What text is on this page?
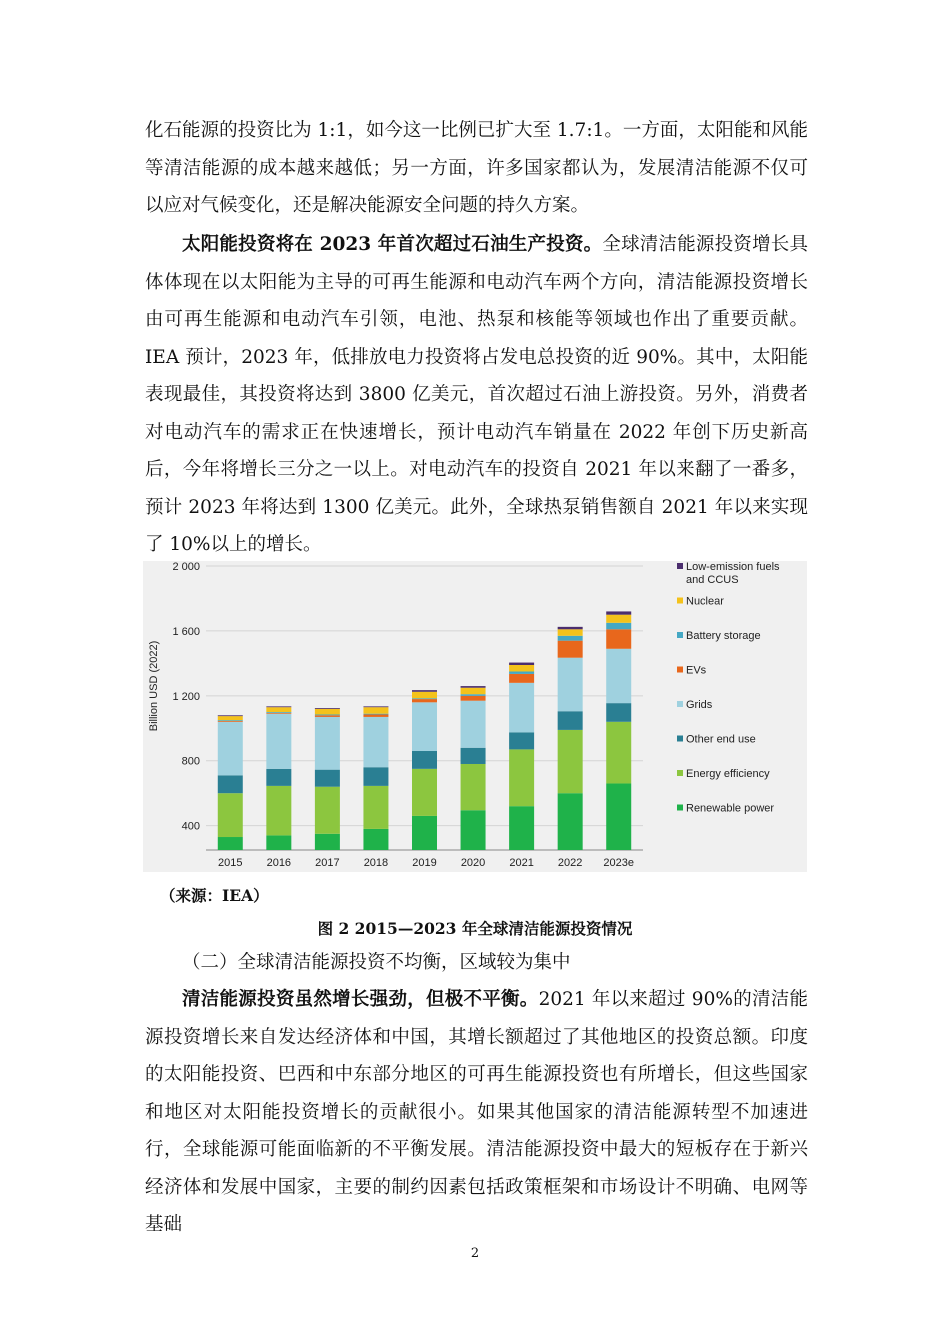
化石能源的投资比为 1:1，如今这一比例已扩大至 1.7:1。一方面，太阳能和风能等清洁能源的成本越来越低；另一方面，许多国家都认为，发展清洁能源不仅可以应对气候变化，还是解决能源安全问题的持久方案。

太阳能投资将在 2023 年首次超过石油生产投资。全球清洁能源投资增长具体体现在以太阳能为主导的可再生能源和电动汽车两个方向，清洁能源投资增长由可再生能源和电动汽车引领，电池、热泵和核能等领域也作出了重要贡献。IEA 预计，2023 年，低排放电力投资将占发电总投资的近 90%。其中，太阳能表现最佳，其投资将达到 3800 亿美元，首次超过石油上游投资。另外，消费者对电动汽车的需求正在快速增长，预计电动汽车销量在 2022 年创下历史新高后，今年将增长三分之一以上。对电动汽车的投资自 2021 年以来翻了一番多，预计 2023 年将达到 1300 亿美元。此外，全球热泵销售额自 2021 年以来实现了 10%以上的增长。

400
800
1 200
1 600
2 000
Billion USD (2022)
2015 2016 2017 2018 2019 2020 2021 2022 2023e
Low-emission fuels
and CCUS
Nuclear
Battery storage
EVs
Grids
Other end use
Energy efficiency
Renewable power

（来源：IEA）

图 2 2015—2023 年全球清洁能源投资情况

（二）全球清洁能源投资不均衡，区域较为集中

清洁能源投资虽然增长强劲，但极不平衡。2021 年以来超过 90%的清洁能源投资增长来自发达经济体和中国，其增长额超过了其他地区的投资总额。印度的太阳能投资、巴西和中东部分地区的可再生能源投资也有所增长，但这些国家和地区对太阳能投资增长的贡献很小。如果其他国家的清洁能源转型不加速进行，全球能源可能面临新的不平衡发展。清洁能源投资中最大的短板存在于新兴经济体和发展中国家，主要的制约因素包括政策框架和市场设计不明确、电网等基础

2
